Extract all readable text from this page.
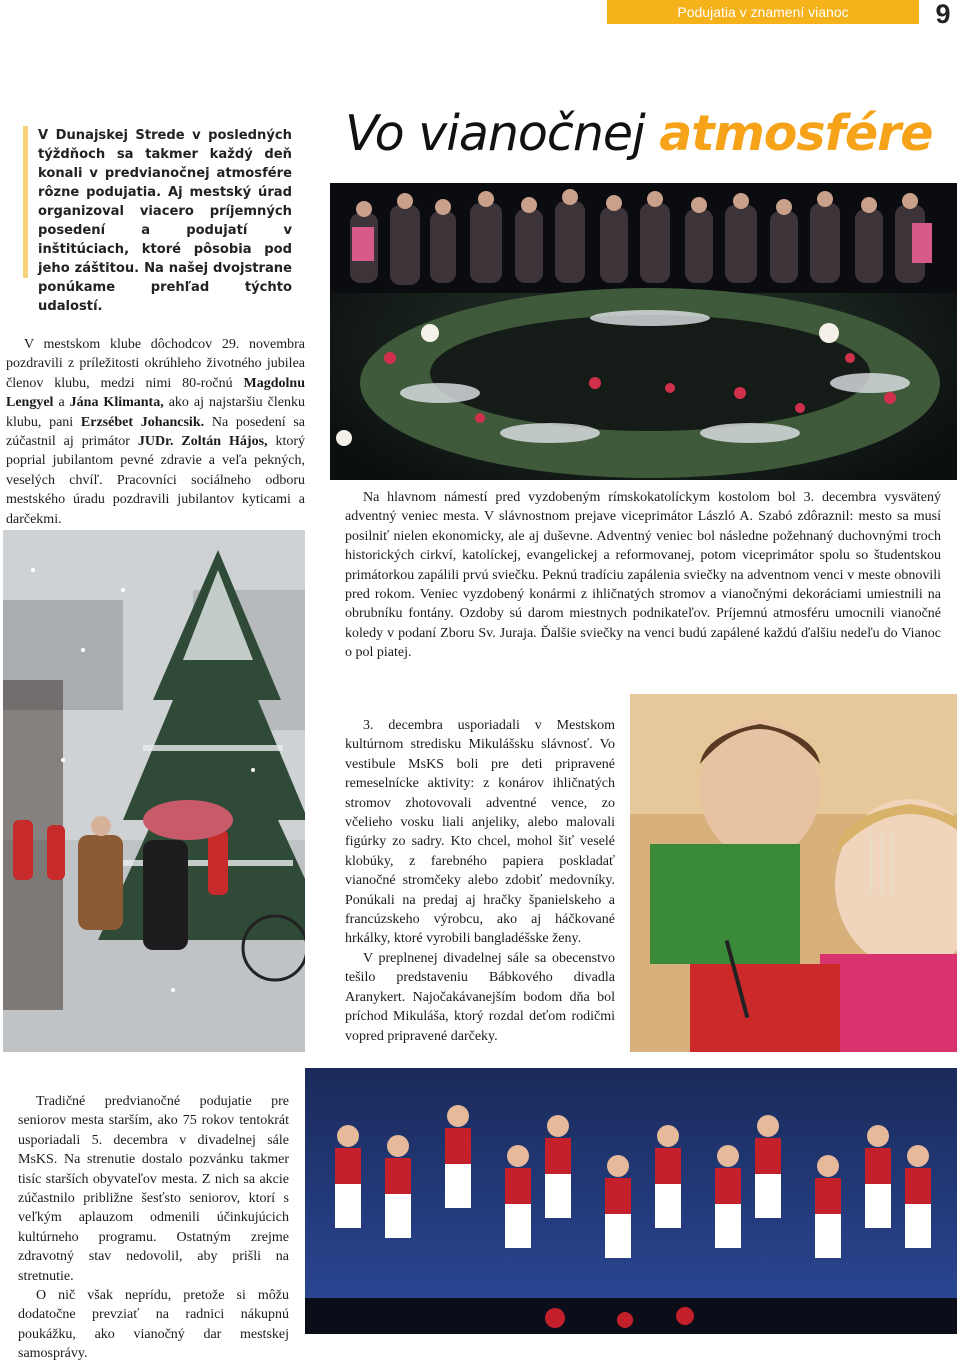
Podujatia v znamení vianoc	9
V Dunajskej Strede v posledných týždňoch sa takmer každý deň konali v predvianočnej atmosfére rôzne podujatia. Aj mestský úrad organizoval viacero príjemných posedení a podujatí v inštitúciach, ktoré pôsobia pod jeho záštitou. Na našej dvojstrane ponúkame prehľad týchto udalostí.
Vo vianočnej atmosfére

V mestskom klube dôchodcov 29. novembra pozdravili z príležitosti okrúhleho životného jubilea členov klubu, medzi nimi 80-ročnú Magdolnu Lengyel a Jána Klimanta, ako aj najstaršiu členku klubu, pani Erzsébet Johancsik. Na posedení sa zúčastnil aj primátor JUDr. Zoltán Hájos, ktorý poprial jubilantom pevné zdravie a veľa pekných, veselých chvíľ. Pracovníci sociálneho odboru mestského úradu pozdravili jubilantov kyticami a darčekmi.

Na hlavnom námestí pred vyzdobeným rímskokatolíckym kostolom bol 3. decembra vysvätený adventný veniec mesta. V slávnostnom prejave viceprimátor László A. Szabó zdôraznil: mesto sa musí posilniť nielen ekonomicky, ale aj duševne. Adventný veniec bol následne požehnaný duchovnými troch historických cirkví, katolíckej, evangelickej a reformovanej, potom viceprimátor spolu so študentskou primátorkou zapálili prvú sviečku. Peknú tradíciu zapálenia sviečky na adventnom venci v meste obnovili pred rokom. Veniec vyzdobený konármi z ihličnatých stromov a vianočnými dekoráciami umiestnili na obrubníku fontány. Ozdoby sú darom miestnych podnikateľov. Príjemnú atmosféru umocnili vianočné koledy v podaní Zboru Sv. Juraja. Ďalšie sviečky na venci budú zapálené každú ďalšiu nedeľu do Vianoc o pol piatej.

3. decembra usporiadali v Mestskom kultúrnom stredisku Mikulášsku slávnosť. Vo vestibule MsKS boli pre deti pripravené remeselnícke aktivity: z konárov ihličnatých stromov zhotovovali adventné vence, zo včelieho vosku liali anjeliky, alebo malovali figúrky zo sadry. Kto chcel, mohol šiť veselé klobúky, z farebného papiera poskladať vianočné stromčeky alebo zdobiť medovníky. Ponúkali na predaj aj hračky španielskeho a francúzskeho výrobcu, ako aj háčkované hrkálky, ktoré vyrobili bangladéšske ženy.

V preplnenej divadelnej sále sa obecenstvo tešilo predstaveniu Bábkového divadla Aranykert. Najočakávanejším bodom dňa bol príchod Mikuláša, ktorý rozdal deťom rodičmi vopred pripravené darčeky.

Tradičné predvianočné podujatie pre seniorov mesta starším, ako 75 rokov tentokrát usporiadali 5. decembra v divadelnej sále MsKS. Na strenutie dostalo pozvánku takmer tisíc starších obyvateľov mesta. Z nich sa akcie zúčastnilo približne šesťsto seniorov, ktorí s veľkým aplauzom odmenili účinkujúcich kultúrneho programu. Ostatným zrejme zdravotný stav nedovolil, aby prišli na stretnutie.

O nič však neprídu, pretože si môžu dodatočne prevziať na radnici nákupnú poukážku, ako vianočný dar mestskej samosprávy.
